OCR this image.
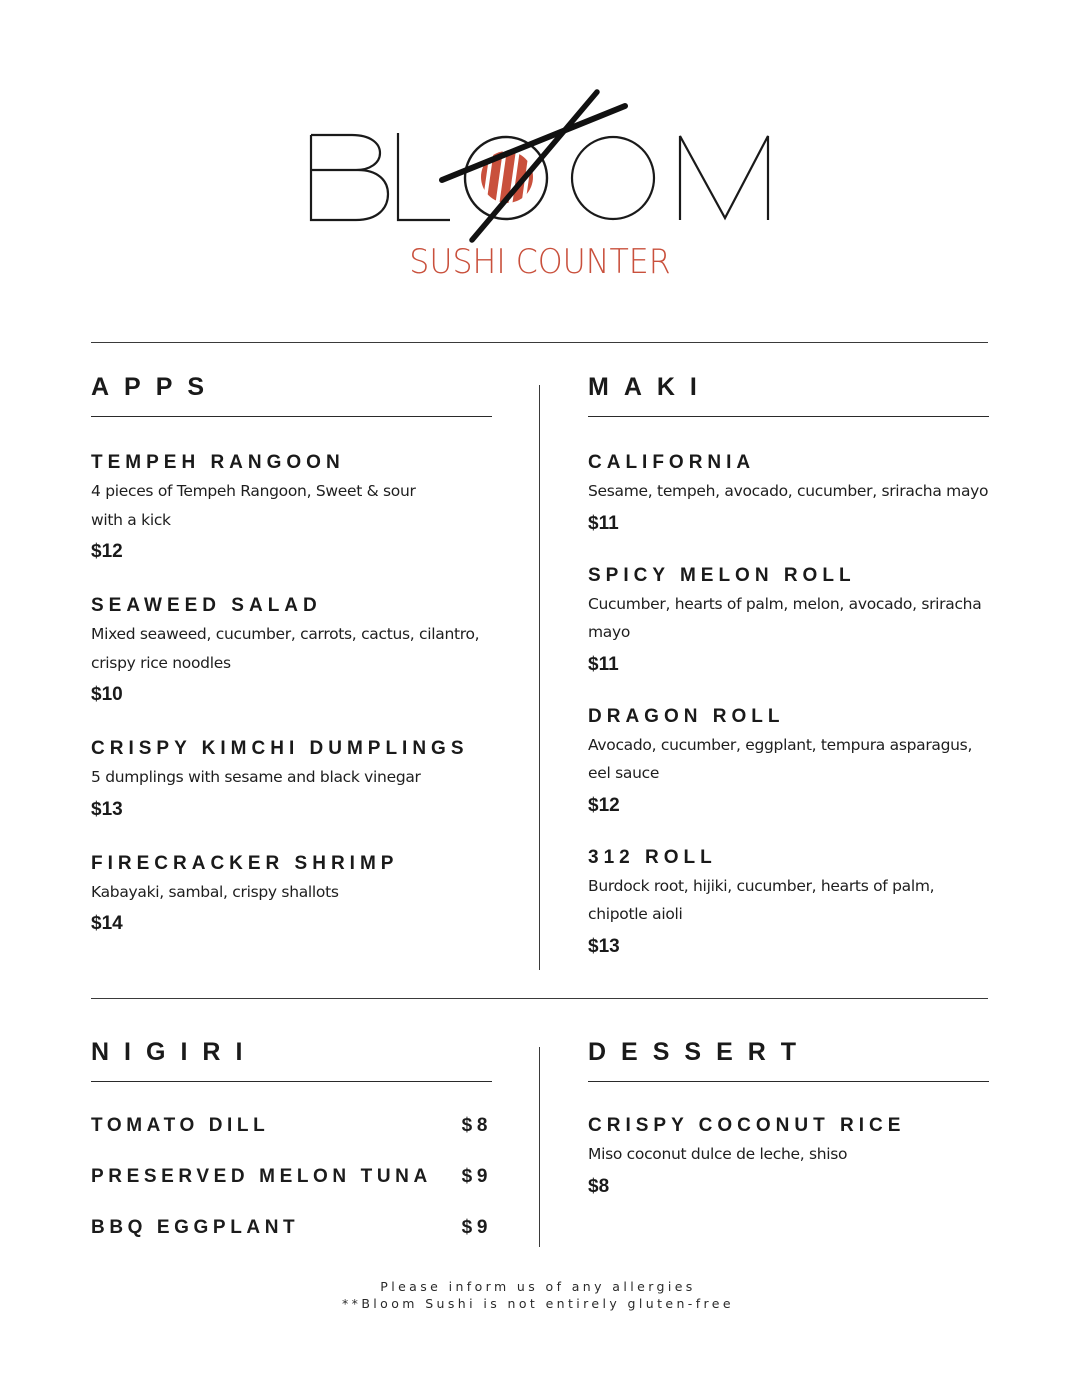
SUSHI COUNTER
APPS
TEMPEH RANGOON
4 pieces of Tempeh Rangoon, Sweet & sour
with a kick
$12
SEAWEED SALAD
Mixed seaweed, cucumber, carrots, cactus, cilantro,
crispy rice noodles
$10
CRISPY KIMCHI DUMPLINGS
5 dumplings with sesame and black vinegar
$13
FIRECRACKER SHRIMP
Kabayaki, sambal, crispy shallots
$14
MAKI
CALIFORNIA
Sesame, tempeh, avocado, cucumber, sriracha mayo
$11
SPICY MELON ROLL
Cucumber, hearts of palm, melon, avocado, sriracha
mayo
$11
DRAGON ROLL
Avocado, cucumber, eggplant, tempura asparagus,
eel sauce
$12
312 ROLL
Burdock root, hijiki, cucumber, hearts of palm,
chipotle aioli
$13
NIGIRI
TOMATO DILL	$8
PRESERVED MELON TUNA $9
BBQ EGGPLANT	$9
DESSERT
CRISPY COCONUT RICE
Miso coconut dulce de leche, shiso
$8
Please inform us of any allergies
**Bloom Sushi is not entirely gluten-free
